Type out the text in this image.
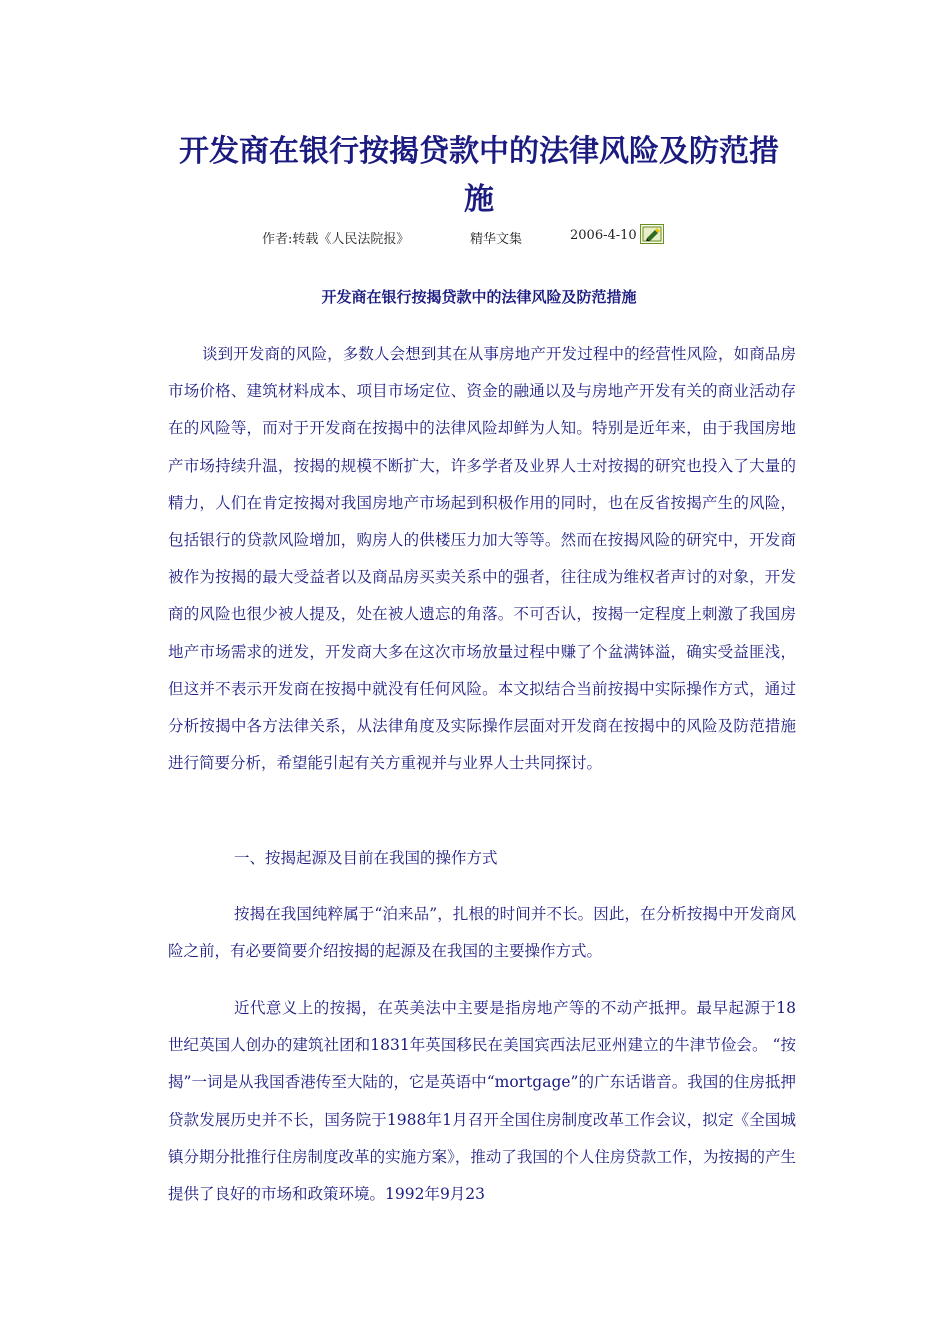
开发商在银行按揭贷款中的法律风险及防范措施
作者:转载《人民法院报》	精华文集	2006-4-10
开发商在银行按揭贷款中的法律风险及防范措施

谈到开发商的风险，多数人会想到其在从事房地产开发过程中的经营性风险，如商品房市场价格、建筑材料成本、项目市场定位、资金的融通以及与房地产开发有关的商业活动存在的风险等，而对于开发商在按揭中的法律风险却鲜为人知。特别是近年来，由于我国房地产市场持续升温，按揭的规模不断扩大，许多学者及业界人士对按揭的研究也投入了大量的精力，人们在肯定按揭对我国房地产市场起到积极作用的同时，也在反省按揭产生的风险，包括银行的贷款风险增加，购房人的供楼压力加大等等。然而在按揭风险的研究中，开发商被作为按揭的最大受益者以及商品房买卖关系中的强者，往往成为维权者声讨的对象，开发商的风险也很少被人提及，处在被人遗忘的角落。不可否认，按揭一定程度上刺激了我国房地产市场需求的迸发，开发商大多在这次市场放量过程中赚了个盆满钵溢，确实受益匪浅，但这并不表示开发商在按揭中就没有任何风险。本文拟结合当前按揭中实际操作方式，通过分析按揭中各方法律关系，从法律角度及实际操作层面对开发商在按揭中的风险及防范措施进行简要分析，希望能引起有关方重视并与业界人士共同探讨。

一、按揭起源及目前在我国的操作方式

按揭在我国纯粹属于“泊来品”，扎根的时间并不长。因此，在分析按揭中开发商风险之前，有必要简要介绍按揭的起源及在我国的主要操作方式。

近代意义上的按揭，在英美法中主要是指房地产等的不动产抵押。最早起源于18世纪英国人创办的建筑社团和1831年英国移民在美国宾西法尼亚州建立的牛津节俭会。 “按揭”一词是从我国香港传至大陆的，它是英语中“mortgage”的广东话谐音。我国的住房抵押贷款发展历史并不长，国务院于1988年1月召开全国住房制度改革工作会议，拟定《全国城镇分期分批推行住房制度改革的实施方案》，推动了我国的个人住房贷款工作，为按揭的产生提供了良好的市场和政策环境。1992年9月23
